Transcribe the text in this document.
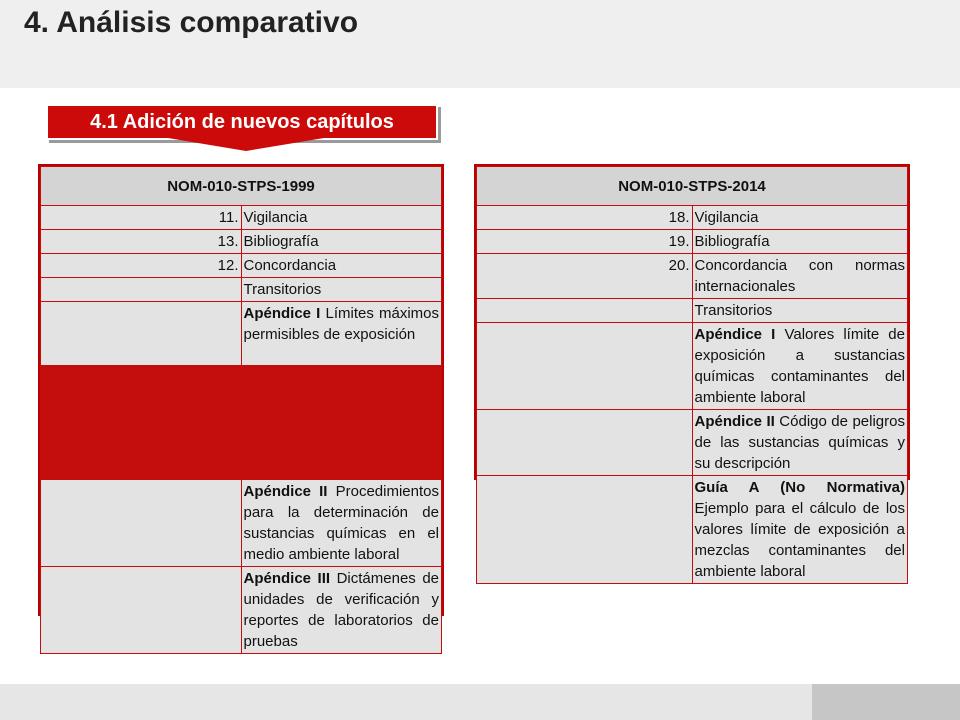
4. Análisis comparativo
4.1 Adición de nuevos capítulos
NOM-010-STPS-1999	
11.	Vigilancia
13.	Bibliografía
12.	Concordancia
	Transitorios
	Apéndice I Límites máximos permisibles de exposición

	Apéndice II Procedimientos para la determinación de sustancias químicas en el medio ambiente laboral
	Apéndice III Dictámenes de unidades de verificación y reportes de laboratorios de pruebas
NOM-010-STPS-2014	
18.	Vigilancia
19.	Bibliografía
20.	Concordancia con normas internacionales
	Transitorios
	Apéndice I Valores límite de exposición a sustancias químicas contaminantes del ambiente laboral
	Apéndice II Código de peligros de las sustancias químicas y su descripción
	Guía A (No Normativa) Ejemplo para el cálculo de los valores límite de exposición a mezclas contaminantes del ambiente laboral
